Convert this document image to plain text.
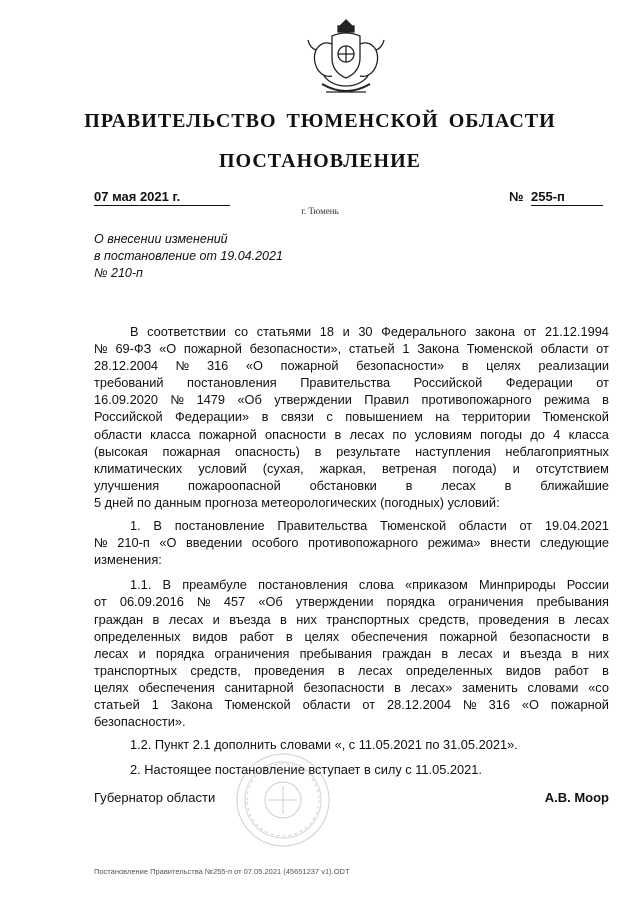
ПРАВИТЕЛЬСТВО ТЮМЕНСКОЙ ОБЛАСТИ
ПОСТАНОВЛЕНИЕ
07 мая 2021 г.	№ 255-п
г. Тюмень
О внесении изменений
в постановление от 19.04.2021
№ 210-п
В соответствии со статьями 18 и 30 Федерального закона от 21.12.1994
№ 69-ФЗ «О пожарной безопасности», статьей 1 Закона Тюменской области от
28.12.2004 № 316 «О пожарной безопасности» в целях реализации
требований постановления Правительства Российской Федерации от
16.09.2020 № 1479 «Об утверждении Правил противопожарного режима в
Российской Федерации» в связи с повышением на территории Тюменской
области класса пожарной опасности в лесах по условиям погоды до 4 класса
(высокая пожарная опасность) в результате наступления неблагоприятных
климатических условий (сухая, жаркая, ветреная погода) и отсутствием
улучшения пожароопасной обстановки в лесах в ближайшие
5 дней по данным прогноза метеорологических (погодных) условий:
1. В постановление Правительства Тюменской области от 19.04.2021
№ 210-п «О введении особого противопожарного режима» внести следующие
изменения:
1.1. В преамбуле постановления слова «приказом Минприроды России
от 06.09.2016 № 457 «Об утверждении порядка ограничения пребывания
граждан в лесах и въезда в них транспортных средств, проведения в лесах
определенных видов работ в целях обеспечения пожарной безопасности в
лесах и порядка ограничения пребывания граждан в лесах и въезда в них
транспортных средств, проведения в лесах определенных видов работ в
целях обеспечения санитарной безопасности в лесах» заменить словами «со
статьей 1 Закона Тюменской области от 28.12.2004 № 316 «О пожарной
безопасности».
1.2. Пункт 2.1 дополнить словами «, с 11.05.2021 по 31.05.2021».
2. Настоящее постановление вступает в силу с 11.05.2021.
Губернатор области	А.В. Моор
Постановление Правительства №255-п от 07.05.2021 (45651237 v1).ODT
